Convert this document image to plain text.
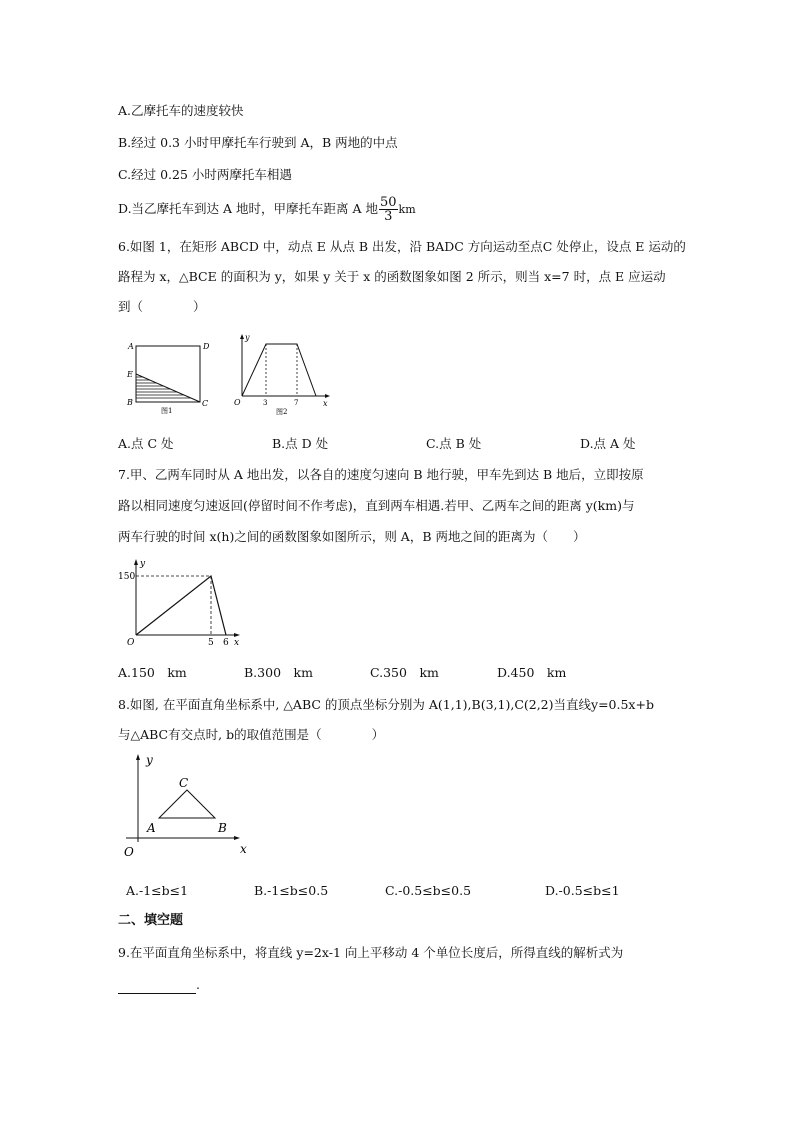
A.乙摩托车的速度较快
B.经过 0.3 小时甲摩托车行驶到 A，B 两地的中点
C.经过 0.25 小时两摩托车相遇
D.当乙摩托车到达 A 地时，甲摩托车距离 A 地 $\frac{50}{3}$ km
6.如图 1，在矩形 ABCD 中，动点 E 从点 B 出发，沿 BADC 方向运动至点C 处停止，设点 E 运动的
路程为 x，△BCE 的面积为 y，如果 y 关于 x 的函数图象如图 2 所示，则当 x=7 时，点 E 应运动
到（　　　　）
A	D
E
B	C
图1
y
x
O	3	7
图2
A.点 C 处	B.点 D 处	C.点 B 处	D.点 A 处
7.甲、乙两车同时从 A 地出发，以各自的速度匀速向 B 地行驶，甲车先到达 B 地后，立即按原
路以相同速度匀速返回(停留时间不作考虑)，直到两车相遇.若甲、乙两车之间的距离 y(km)与
两车行驶的时间 x(h)之间的函数图象如图所示，则 A，B 两地之间的距离为（　　）
y
x
O
150
5 6
A.150　km	B.300　km	C.350　km	D.450　km
8.如图, 在平面直角坐标系中, △ABC 的顶点坐标分别为 A(1,1),B(3,1),C(2,2)当直线y=0.5x+b
与△ABC有交点时, b的取值范围是（　　　　）
y
x
O
A	B
C
A.-1≤b≤1	B.-1≤b≤0.5	C.-0.5≤b≤0.5	D.-0.5≤b≤1
二、填空题
9.在平面直角坐标系中，将直线 y=2x-1 向上平移动 4 个单位长度后，所得直线的解析式为
.
